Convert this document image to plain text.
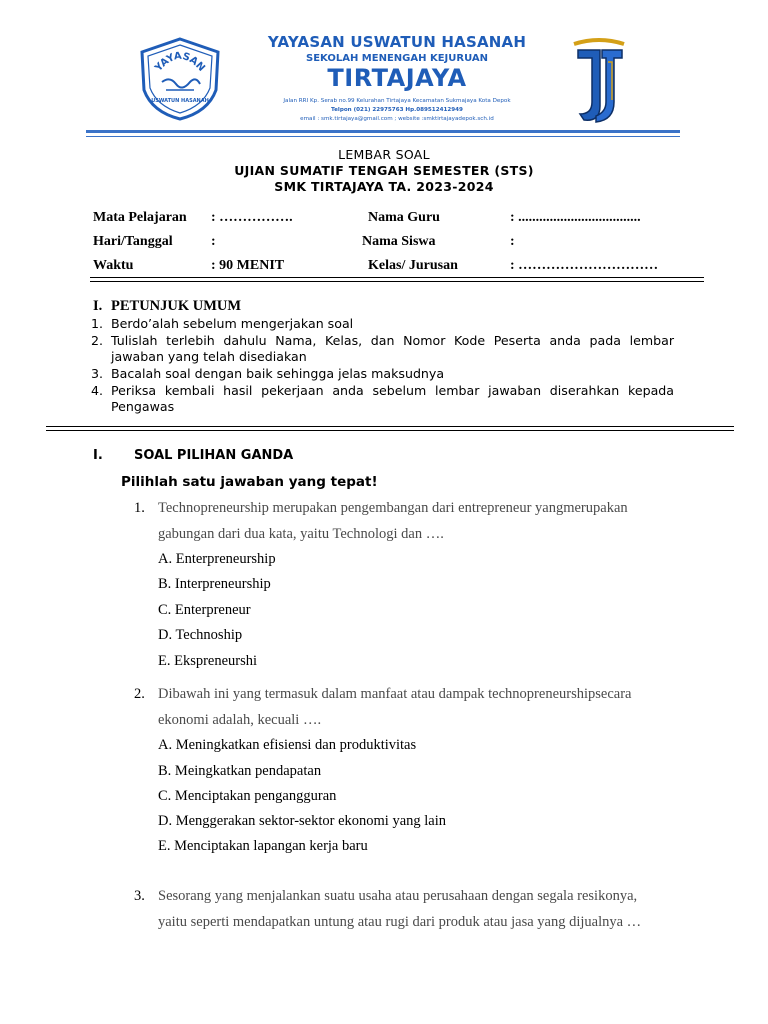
YAYASAN
USWATUN HASANAH
YAYASAN USWATUN HASANAH
SEKOLAH MENENGAH KEJURUAN
TIRTAJAYA
Jalan RRI Kp. Serab no.99 Kelurahan Tirtajaya Kecamatan Sukmajaya Kota Depok
Telpon (021) 22975763 Hp.089512412949
email : smk.tirtajaya@gmail.com ; website :smktirtajayadepok.sch.id
LEMBAR SOAL
UJIAN SUMATIF TENGAH SEMESTER (STS)
SMK TIRTAJAYA TA. 2023-2024
Mata Pelajaran : …………….	Nama Guru	: ...................................
Hari/Tanggal	:	Nama Siswa	:
Waktu	: 90 MENIT	Kelas/ Jurusan	: …………………………
I. PETUNJUK UMUM
1. Berdo’alah sebelum mengerjakan soal
2. Tulislah terlebih dahulu Nama, Kelas, dan Nomor Kode Peserta anda pada lembar
jawaban yang telah disediakan
3. Bacalah soal dengan baik sehingga jelas maksudnya
4. Periksa kembali hasil pekerjaan anda sebelum lembar jawaban diserahkan kepada
Pengawas
I. SOAL PILIHAN GANDA
Pilihlah satu jawaban yang tepat!
1. Technopreneurship merupakan pengembangan dari entrepreneur yangmerupakan
gabungan dari dua kata, yaitu Technologi dan ….
A. Enterpreneurship
B. Interpreneurship
C. Enterpreneur
D. Technoship
E. Ekspreneurshi
2. Dibawah ini yang termasuk dalam manfaat atau dampak technopreneurshipsecara
ekonomi adalah, kecuali ….
A. Meningkatkan efisiensi dan produktivitas
B. Meingkatkan pendapatan
C. Menciptakan pengangguran
D. Menggerakan sektor-sektor ekonomi yang lain
E. Menciptakan lapangan kerja baru
3. Sesorang yang menjalankan suatu usaha atau perusahaan dengan segala resikonya,
yaitu seperti mendapatkan untung atau rugi dari produk atau jasa yang dijualnya …
